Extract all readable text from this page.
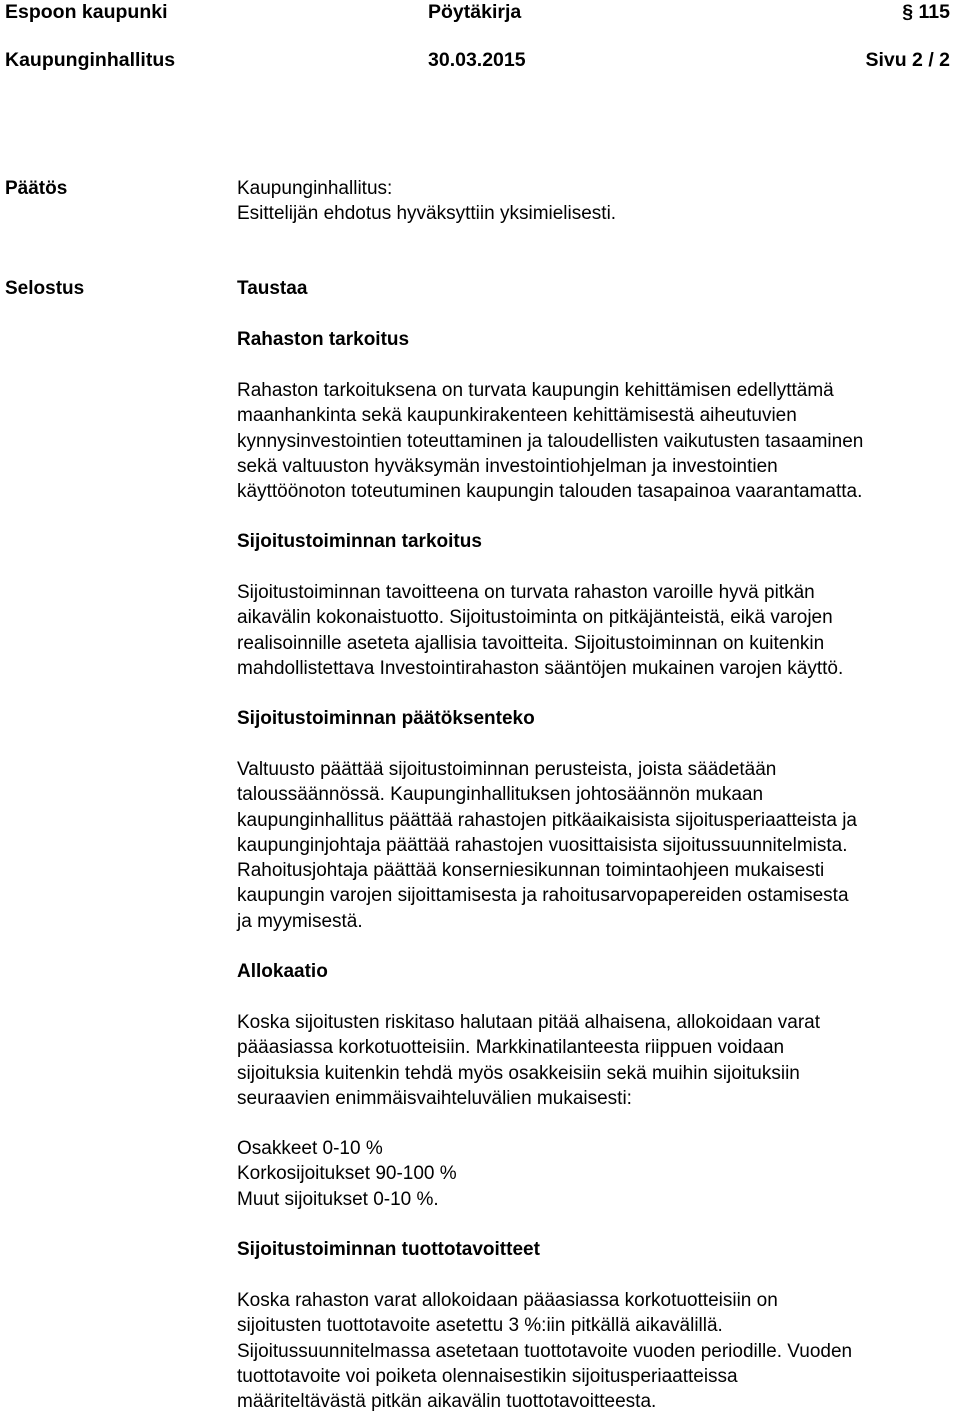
Espoon kaupunki	Pöytäkirja	§ 115
Kaupunginhallitus	30.03.2015	Sivu 2 / 2
Päätös	Kaupunginhallitus:
Esittelijän ehdotus hyväksyttiin yksimielisesti.
Selostus	Taustaa
Rahaston tarkoitus
Rahaston tarkoituksena on turvata kaupungin kehittämisen edellyttämä
maanhankinta sekä kaupunkirakenteen kehittämisestä aiheutuvien
kynnysinvestointien toteuttaminen ja taloudellisten vaikutusten tasaaminen
sekä valtuuston hyväksymän investointiohjelman ja investointien
käyttöönoton toteutuminen kaupungin talouden tasapainoa vaarantamatta.
Sijoitustoiminnan tarkoitus
Sijoitustoiminnan tavoitteena on turvata rahaston varoille hyvä pitkän
aikavälin kokonaistuotto. Sijoitustoiminta on pitkäjänteistä, eikä varojen
realisoinnille aseteta ajallisia tavoitteita. Sijoitustoiminnan on kuitenkin
mahdollistettava Investointirahaston sääntöjen mukainen varojen käyttö.
Sijoitustoiminnan päätöksenteko
Valtuusto päättää sijoitustoiminnan perusteista, joista säädetään
taloussäännössä. Kaupunginhallituksen johtosäännön mukaan
kaupunginhallitus päättää rahastojen pitkäaikaisista sijoitusperiaatteista ja
kaupunginjohtaja päättää rahastojen vuosittaisista sijoitussuunnitelmista.
Rahoitusjohtaja päättää konserniesikunnan toimintaohjeen mukaisesti
kaupungin varojen sijoittamisesta ja rahoitusarvopapereiden ostamisesta
ja myymisestä.
Allokaatio
Koska sijoitusten riskitaso halutaan pitää alhaisena, allokoidaan varat
pääasiassa korkotuotteisiin. Markkinatilanteesta riippuen voidaan
sijoituksia kuitenkin tehdä myös osakkeisiin sekä muihin sijoituksiin
seuraavien enimmäisvaihteluvälien mukaisesti:
Osakkeet 0-10 %
Korkosijoitukset 90-100 %
Muut sijoitukset 0-10 %.
Sijoitustoiminnan tuottotavoitteet
Koska rahaston varat allokoidaan pääasiassa korkotuotteisiin on
sijoitusten tuottotavoite asetettu 3 %:iin pitkällä aikavälillä.
Sijoitussuunnitelmassa asetetaan tuottotavoite vuoden periodille. Vuoden
tuottotavoite voi poiketa olennaisestikin sijoitusperiaatteissa
määriteltävästä pitkän aikavälin tuottotavoitteesta.
